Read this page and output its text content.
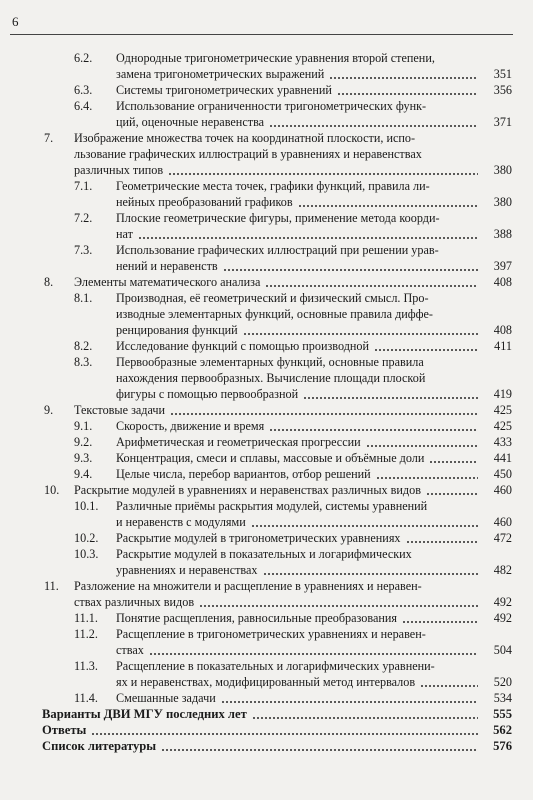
6
6.2. Однородные тригонометрические уравнения второй степени,
замена тригонометрических выражений	351
6.3. Системы тригонометрических уравнений	356
6.4. Использование ограниченности тригонометрических функ-
ций, оценочные неравенства	371
7. Изображение множества точек на координатной плоскости, испо-
льзование графических иллюстраций в уравнениях и неравенствах
различных типов	380
7.1. Геометрические места точек, графики функций, правила ли-
нейных преобразований графиков	380
7.2. Плоские геометрические фигуры, применение метода коорди-
нат	388
7.3. Использование графических иллюстраций при решении урав-
нений и неравенств	397
8. Элементы математического анализа	408
8.1. Производная, её геометрический и физический смысл. Про-
изводные элементарных функций, основные правила диффе-
ренцирования функций	408
8.2. Исследование функций с помощью производной	411
8.3. Первообразные элементарных функций, основные правила
нахождения первообразных. Вычисление площади плоской
фигуры с помощью первообразной	419
9. Текстовые задачи	425
9.1. Скорость, движение и время	425
9.2. Арифметическая и геометрическая прогрессии	433
9.3. Концентрация, смеси и сплавы, массовые и объёмные доли	441
9.4. Целые числа, перебор вариантов, отбор решений	450
10. Раскрытие модулей в уравнениях и неравенствах различных видов	460
10.1. Различные приёмы раскрытия модулей, системы уравнений
и неравенств с модулями	460
10.2. Раскрытие модулей в тригонометрических уравнениях	472
10.3. Раскрытие модулей в показательных и логарифмических
уравнениях и неравенствах	482
11. Разложение на множители и расщепление в уравнениях и неравен-
ствах различных видов	492
11.1. Понятие расщепления, равносильные преобразования	492
11.2. Расщепление в тригонометрических уравнениях и неравен-
ствах	504
11.3. Расщепление в показательных и логарифмических уравнени-
ях и неравенствах, модифицированный метод интервалов	520
11.4. Смешанные задачи	534
Варианты ДВИ МГУ последних лет	555
Ответы	562
Список литературы	576
